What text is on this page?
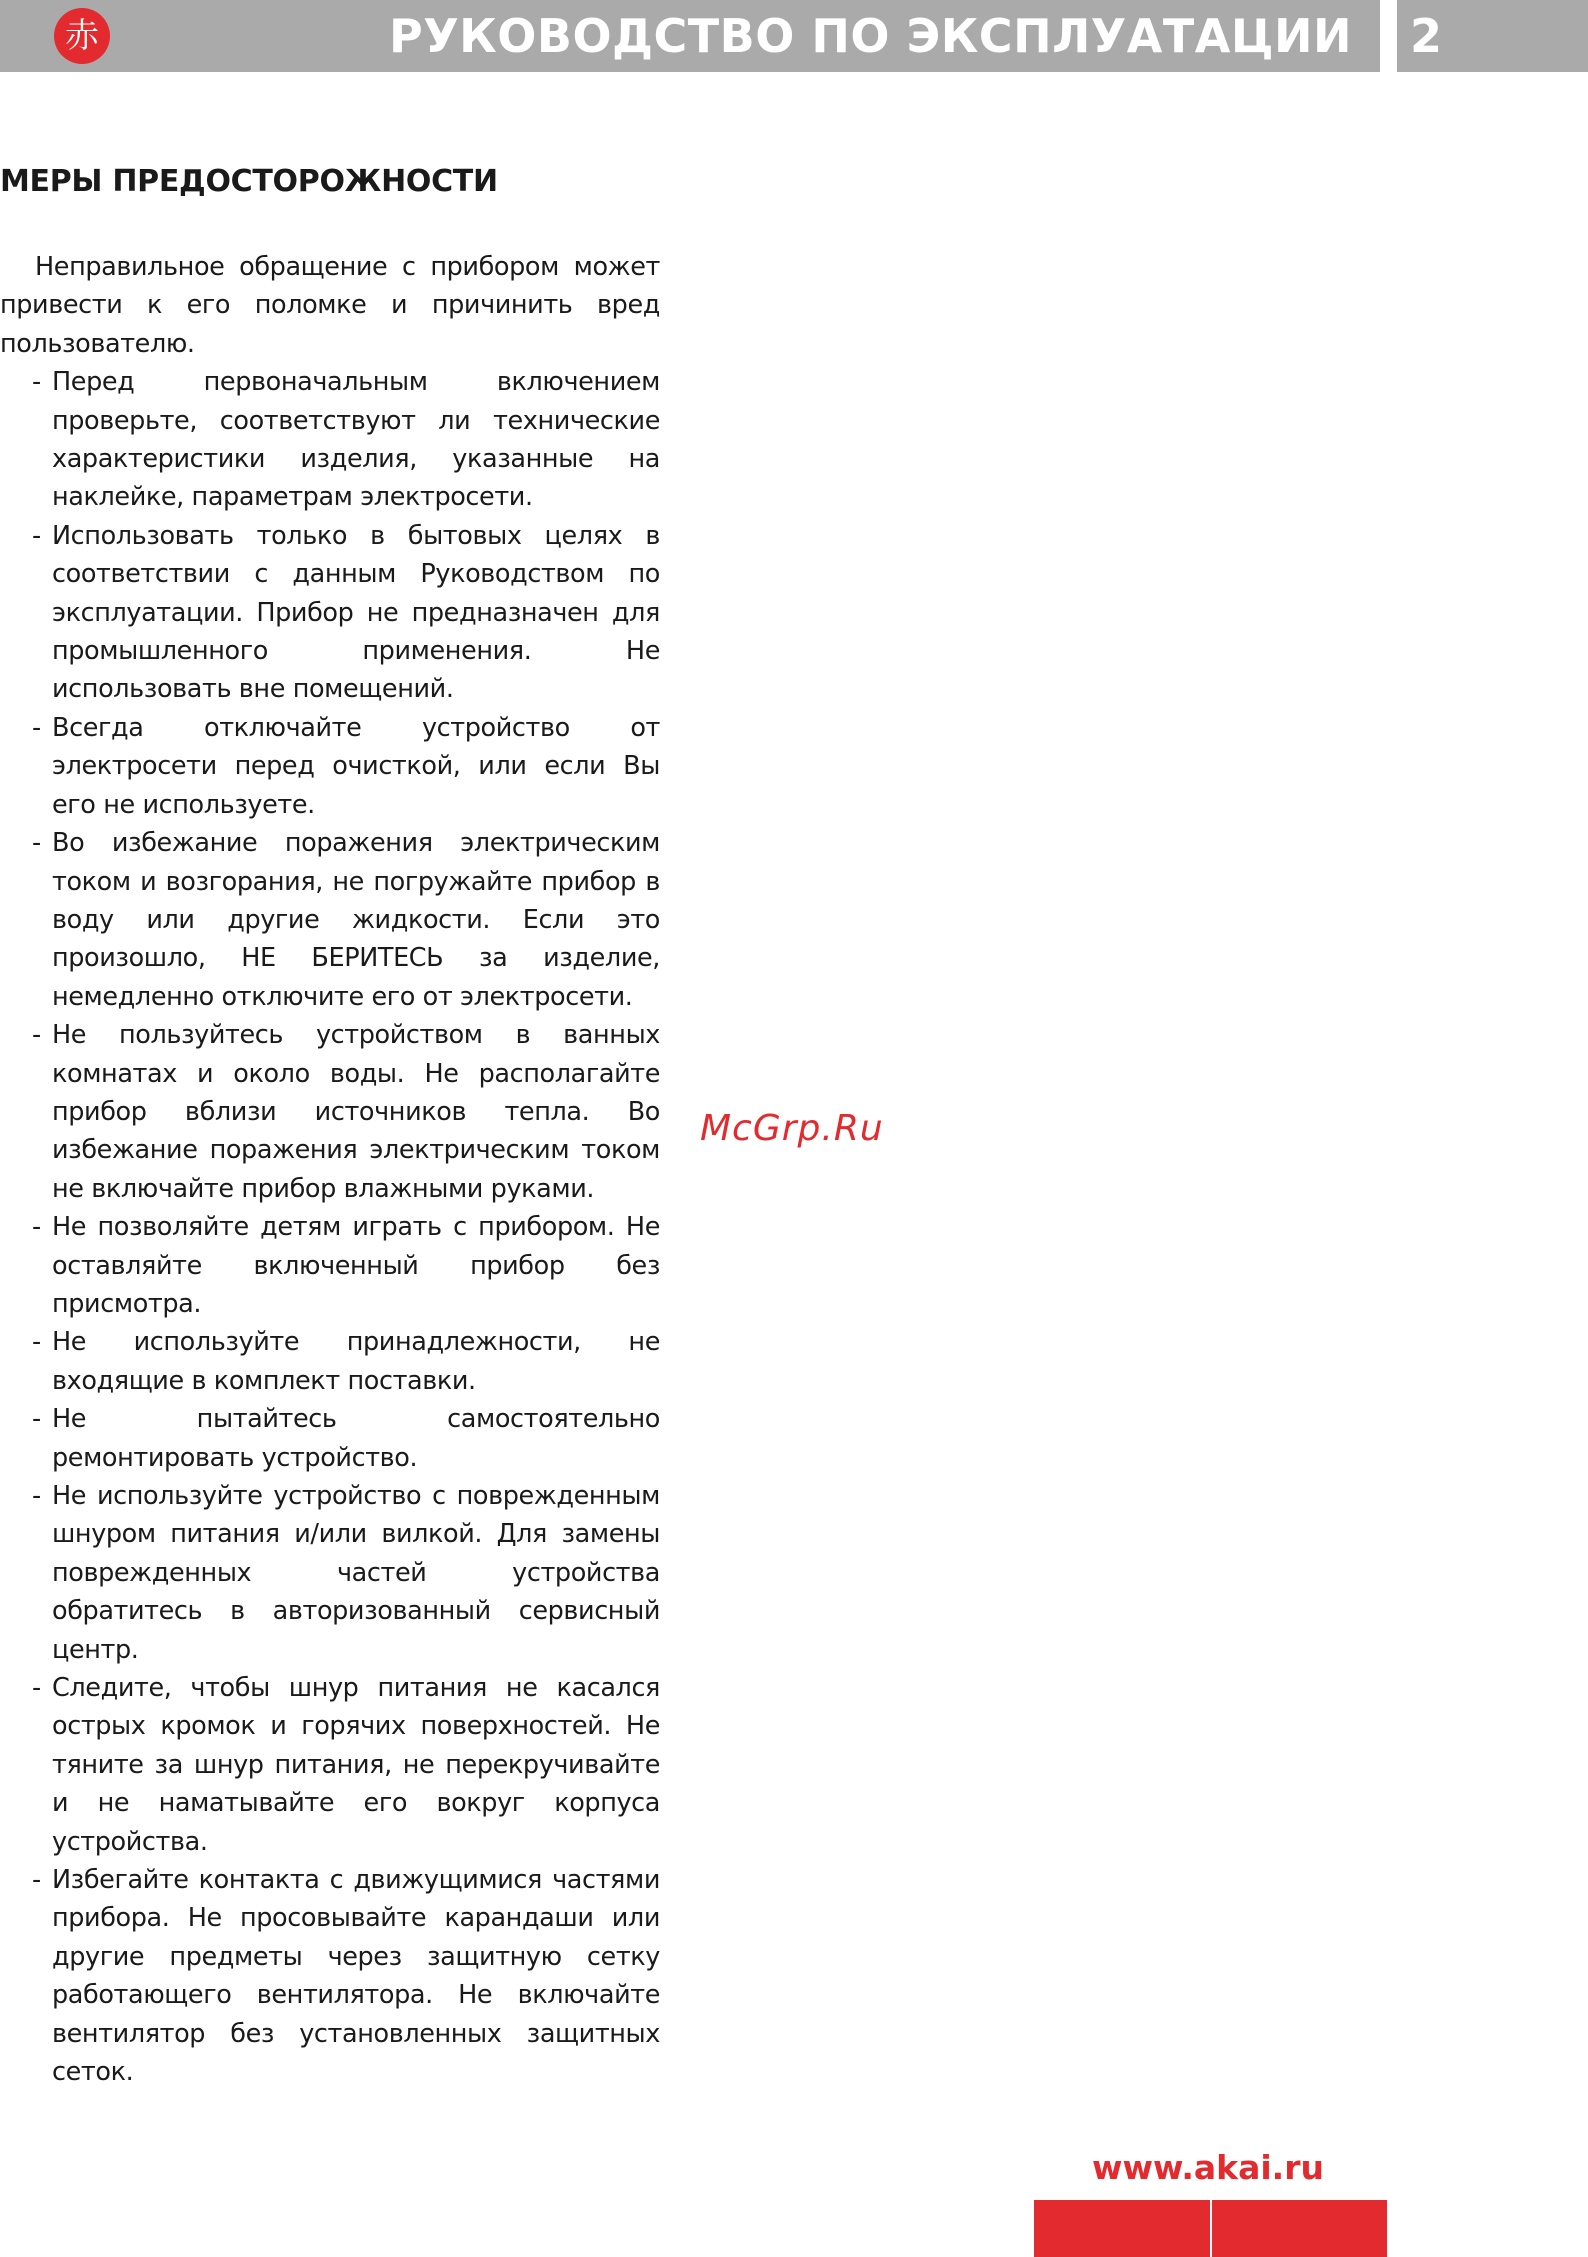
赤	РУКОВОДСТВО ПО ЭКСПЛУАТАЦИИ 2
МЕРЫ ПРЕДОСТОРОЖНОСТИ

Неправильное обращение с прибором может привести к его поломке и причинить вред пользователю.

- Перед первоначальным включением проверьте, соответствуют ли технические характеристики изделия, указанные на наклейке, параметрам электросети.
- Использовать только в бытовых целях в соответствии с данным Руководством по эксплуатации. Прибор не предназначен для промышленного применения. Не использовать вне помещений.
- Всегда отключайте устройство от электросети перед очисткой, или если Вы его не используете.
- Во избежание поражения электрическим током и возгорания, не погружайте прибор в воду или другие жидкости. Если это произошло, НЕ БЕРИТЕСЬ за изделие, немедленно отключите его от электросети.
- Не пользуйтесь устройством в ванных комнатах и около воды. Не располагайте прибор вблизи источников тепла. Во избежание поражения электрическим током не включайте прибор влажными руками.
- Не позволяйте детям играть с прибором. Не оставляйте включенный прибор без присмотра.
- Не используйте принадлежности, не входящие в комплект поставки.
- Не пытайтесь самостоятельно ремонтировать устройство.
- Не используйте устройство с поврежденным шнуром питания и/или вилкой. Для замены поврежденных частей устройства обратитесь в авторизованный сервисный центр.
- Следите, чтобы шнур питания не касался острых кромок и горячих поверхностей. Не тяните за шнур питания, не перекручивайте и не наматывайте его вокруг корпуса устройства.
- Избегайте контакта с движущимися частями прибора. Не просовывайте карандаши или другие предметы через защитную сетку работающего вентилятора. Не включайте вентилятор без установленных защитных сеток.
McGrp.Ru
www.akai.ru
